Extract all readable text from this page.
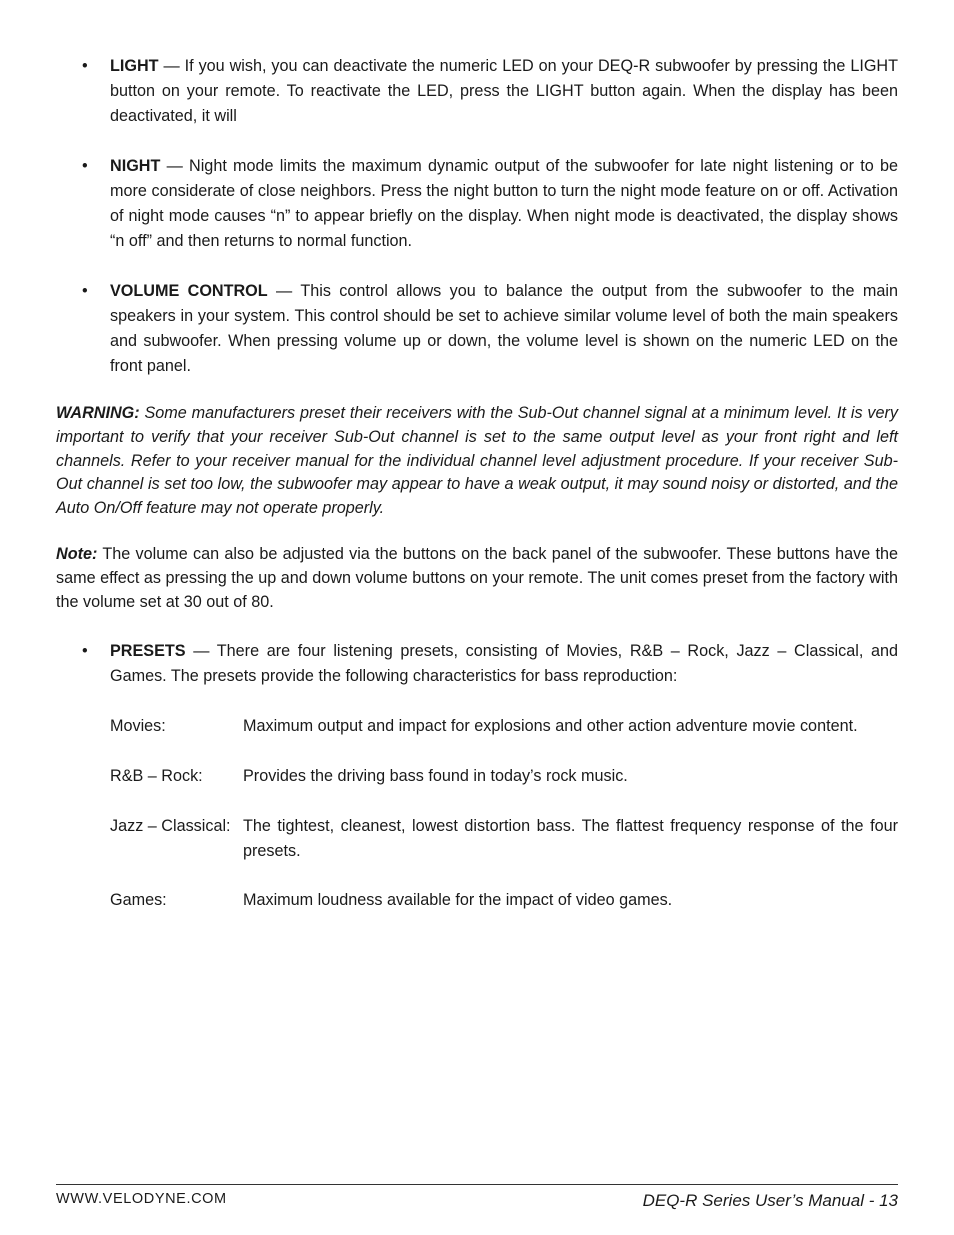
• LIGHT — If you wish, you can deactivate the numeric LED on your DEQ-R subwoofer by pressing the LIGHT button on your remote. To reactivate the LED, press the LIGHT button again. When the display has been deactivated, it will
• NIGHT — Night mode limits the maximum dynamic output of the subwoofer for late night listening or to be more considerate of close neighbors. Press the night button to turn the night mode feature on or off. Activation of night mode causes “n” to appear briefly on the display. When night mode is deactivated, the display shows “n off” and then returns to normal function.
• VOLUME CONTROL — This control allows you to balance the output from the subwoofer to the main speakers in your system. This control should be set to achieve similar volume level of both the main speakers and subwoofer. When pressing volume up or down, the volume level is shown on the numeric LED on the front panel.
WARNING: Some manufacturers preset their receivers with the Sub-Out channel signal at a minimum level. It is very important to verify that your receiver Sub-Out channel is set to the same output level as your front right and left channels. Refer to your receiver manual for the individual channel level adjustment procedure. If your receiver Sub-Out channel is set too low, the subwoofer may appear to have a weak output, it may sound noisy or distorted, and the Auto On/Off feature may not operate properly.
Note: The volume can also be adjusted via the buttons on the back panel of the subwoofer. These buttons have the same effect as pressing the up and down volume buttons on your remote. The unit comes preset from the factory with the volume set at 30 out of 80.
• PRESETS — There are four listening presets, consisting of Movies, R&B – Rock, Jazz – Classical, and Games. The presets provide the following characteristics for bass reproduction:
Movies:	Maximum output and impact for explosions and other action adventure movie content.
R&B – Rock: Provides the driving bass found in today’s rock music.
Jazz – Classical: The tightest, cleanest, lowest distortion bass. The flattest frequency response of the four presets.
Games:	Maximum loudness available for the impact of video games.
WWW.VELODYNE.COM	DEQ-R Series User’s Manual - 13
